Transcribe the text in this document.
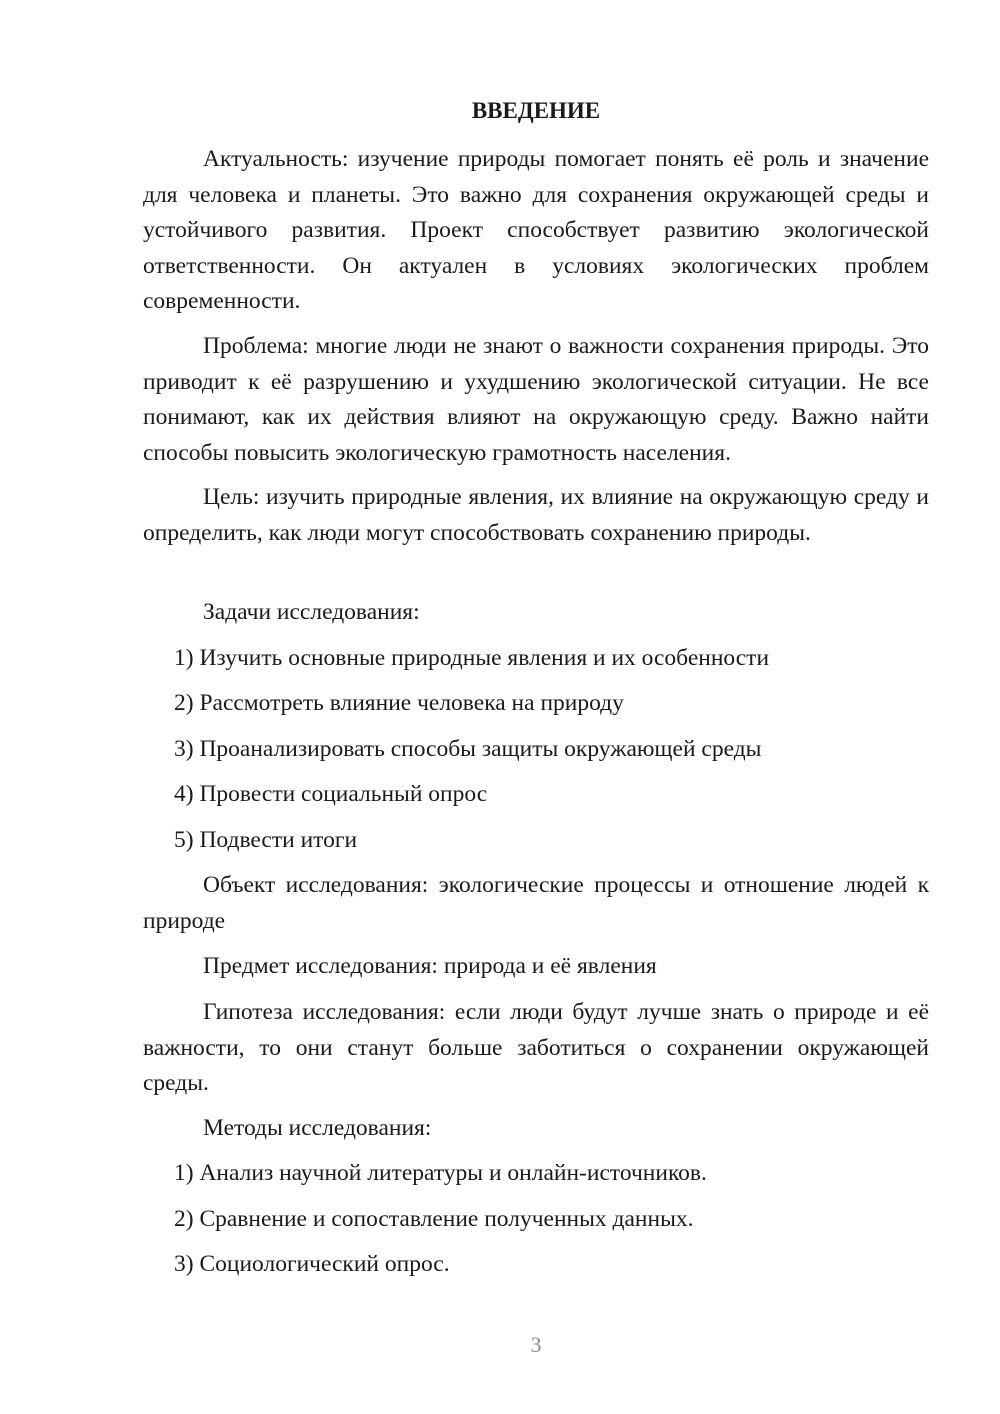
ВВЕДЕНИЕ

Актуальность: изучение природы помогает понять её роль и значение для человека и планеты. Это важно для сохранения окружающей среды и устойчивого развития. Проект способствует развитию экологической ответственности. Он актуален в условиях экологических проблем современности.

Проблема: многие люди не знают о важности сохранения природы. Это приводит к её разрушению и ухудшению экологической ситуации. Не все понимают, как их действия влияют на окружающую среду. Важно найти способы повысить экологическую грамотность населения.

Цель: изучить природные явления, их влияние на окружающую среду и определить, как люди могут способствовать сохранению природы.

Задачи исследования:

1) Изучить основные природные явления и их особенности

2) Рассмотреть влияние человека на природу

3) Проанализировать способы защиты окружающей среды

4) Провести социальный опрос

5) Подвести итоги

Объект исследования: экологические процессы и отношение людей к природе

Предмет исследования: природа и её явления

Гипотеза исследования: если люди будут лучше знать о природе и её важности, то они станут больше заботиться о сохранении окружающей среды.

Методы исследования:

1) Анализ научной литературы и онлайн-источников.

2) Сравнение и сопоставление полученных данных.

3) Социологический опрос.

3
